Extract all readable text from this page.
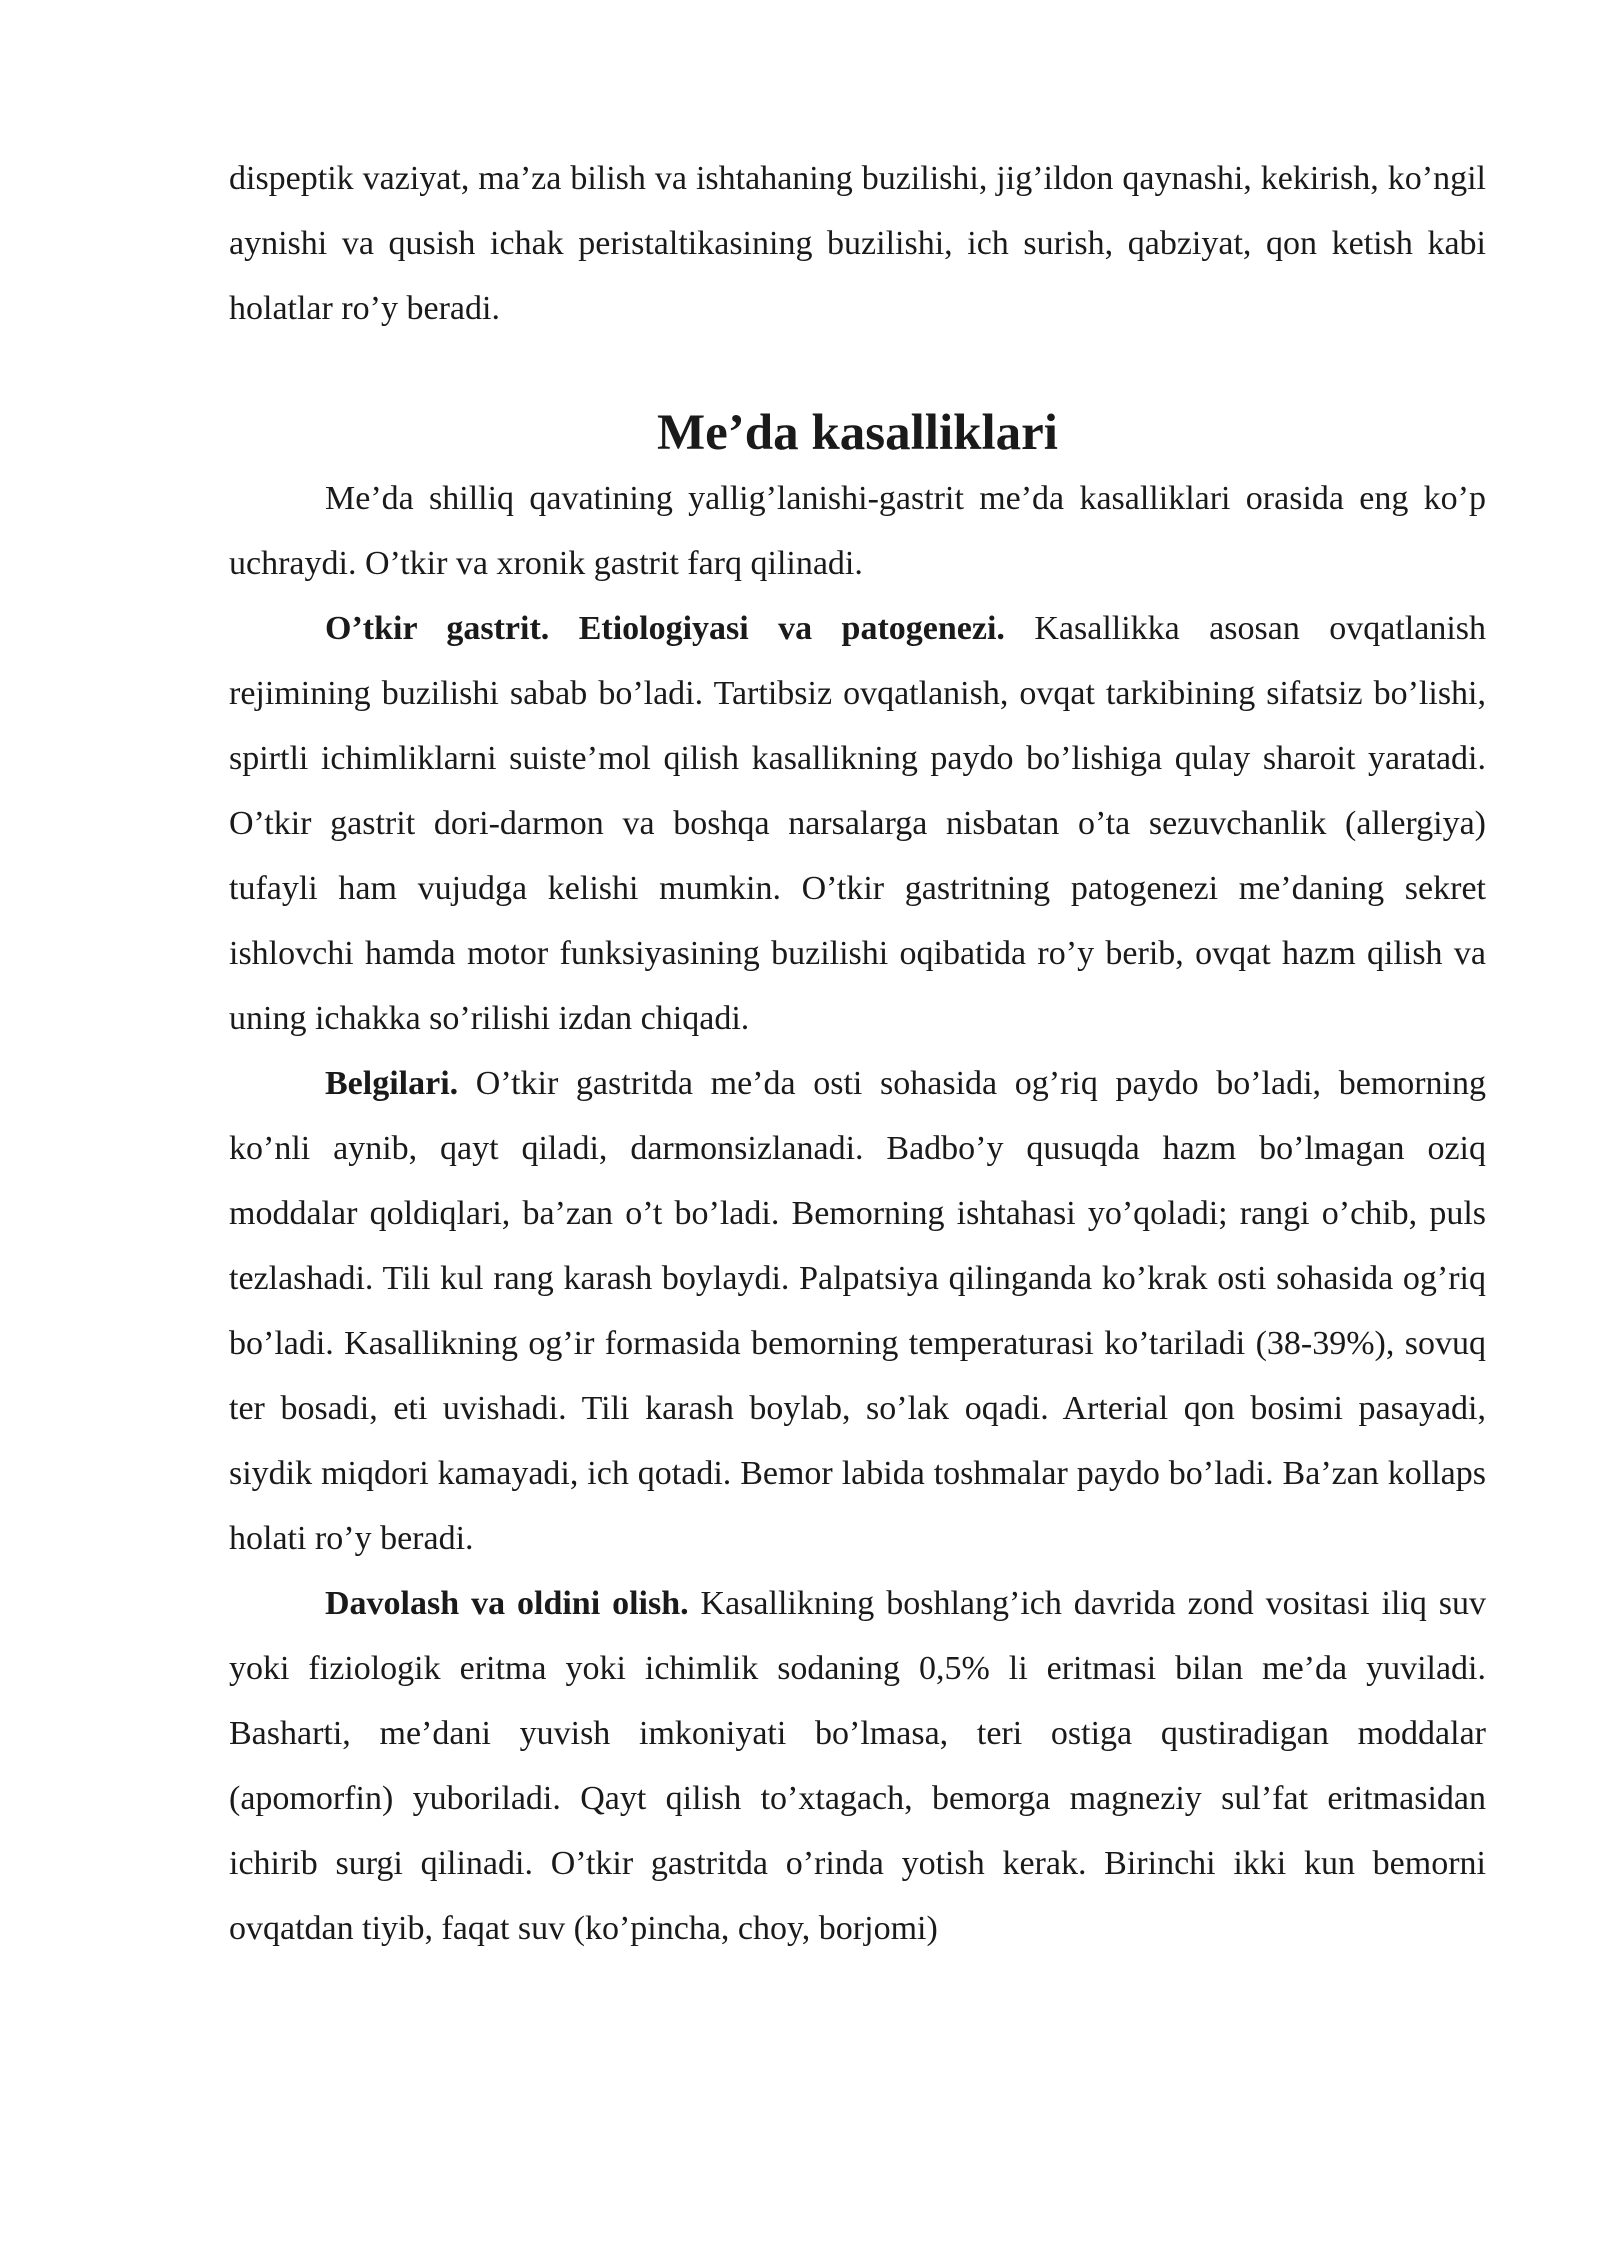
dispeptik vaziyat, ma’za bilish va ishtahaning buzilishi, jig’ildon qaynashi, kekirish, ko’ngil aynishi va qusish ichak peristaltikasining buzilishi, ich surish, qabziyat, qon ketish kabi holatlar ro’y beradi.

Me’da kasalliklari

Me’da shilliq qavatining yallig’lanishi-gastrit me’da kasalliklari orasida eng ko’p uchraydi. O’tkir va xronik gastrit farq qilinadi.

O’tkir gastrit. Etiologiyasi va patogenezi. Kasallikka asosan ovqatlanish rejimining buzilishi sabab bo’ladi. Tartibsiz ovqatlanish, ovqat tarkibining sifatsiz bo’lishi, spirtli ichimliklarni suiste’mol qilish kasallikning paydo bo’lishiga qulay sharoit yaratadi. O’tkir gastrit dori-darmon va boshqa narsalarga nisbatan o’ta sezuvchanlik (allergiya) tufayli ham vujudga kelishi mumkin. O’tkir gastritning patogenezi me’daning sekret ishlovchi hamda motor funksiyasining buzilishi oqibatida ro’y berib, ovqat hazm qilish va uning ichakka so’rilishi izdan chiqadi.

Belgilari. O’tkir gastritda me’da osti sohasida og’riq paydo bo’ladi, bemorning ko’nli aynib, qayt qiladi, darmonsizlanadi. Badbo’y qusuqda hazm bo’lmagan oziq moddalar qoldiqlari, ba’zan o’t bo’ladi. Bemorning ishtahasi yo’qoladi; rangi o’chib, puls tezlashadi. Tili kul rang karash boylaydi. Palpatsiya qilinganda ko’krak osti sohasida og’riq bo’ladi. Kasallikning og’ir formasida bemorning temperaturasi ko’tariladi (38-39%), sovuq ter bosadi, eti uvishadi. Tili karash boylab, so’lak oqadi. Arterial qon bosimi pasayadi, siydik miqdori kamayadi, ich qotadi. Bemor labida toshmalar paydo bo’ladi. Ba’zan kollaps holati ro’y beradi.

Davolash va oldini olish. Kasallikning boshlang’ich davrida zond vositasi iliq suv yoki fiziologik eritma yoki ichimlik sodaning 0,5% li eritmasi bilan me’da yuviladi. Basharti, me’dani yuvish imkoniyati bo’lmasa, teri ostiga qustiradigan moddalar (apomorfin) yuboriladi. Qayt qilish to’xtagach, bemorga magneziy sul’fat eritmasidan ichirib surgi qilinadi. O’tkir gastritda o’rinda yotish kerak. Birinchi ikki kun bemorni ovqatdan tiyib, faqat suv (ko’pincha, choy, borjomi)
